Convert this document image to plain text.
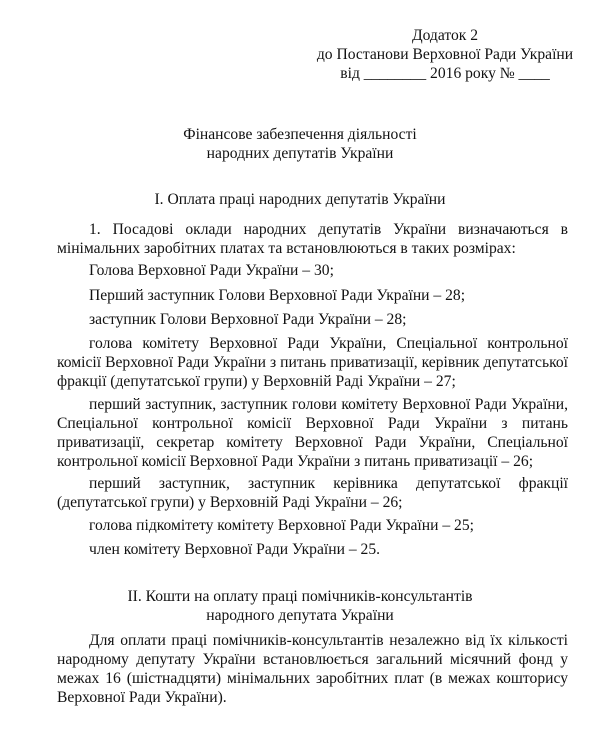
Додаток 2
до Постанови Верховної Ради України
від ________ 2016 року № ____
Фінансове забезпечення діяльності
народних депутатів України
І. Оплата праці народних депутатів України
1. Посадові оклади народних депутатів України визначаються в мінімальних заробітних платах та встановлюються в таких розмірах:
Голова Верховної Ради України – 30;
Перший заступник Голови Верховної Ради України – 28;
заступник Голови Верховної Ради України – 28;
голова комітету Верховної Ради України, Спеціальної контрольної комісії Верховної Ради України з питань приватизації, керівник депутатської фракції (депутатської групи) у Верховній Раді України – 27;
перший заступник, заступник голови комітету Верховної Ради України, Спеціальної контрольної комісії Верховної Ради України з питань приватизації, секретар комітету Верховної Ради України, Спеціальної контрольної комісії Верховної Ради України з питань приватизації – 26;
перший заступник, заступник керівника депутатської фракції (депутатської групи) у Верховній Раді України – 26;
голова підкомітету комітету Верховної Ради України – 25;
член комітету Верховної Ради України – 25.
ІІ. Кошти на оплату праці помічників-консультантів
народного депутата України
Для оплати праці помічників-консультантів незалежно від їх кількості народному депутату України встановлюється загальний місячний фонд у межах 16 (шістнадцяти) мінімальних заробітних плат (в межах кошторису Верховної Ради України).
